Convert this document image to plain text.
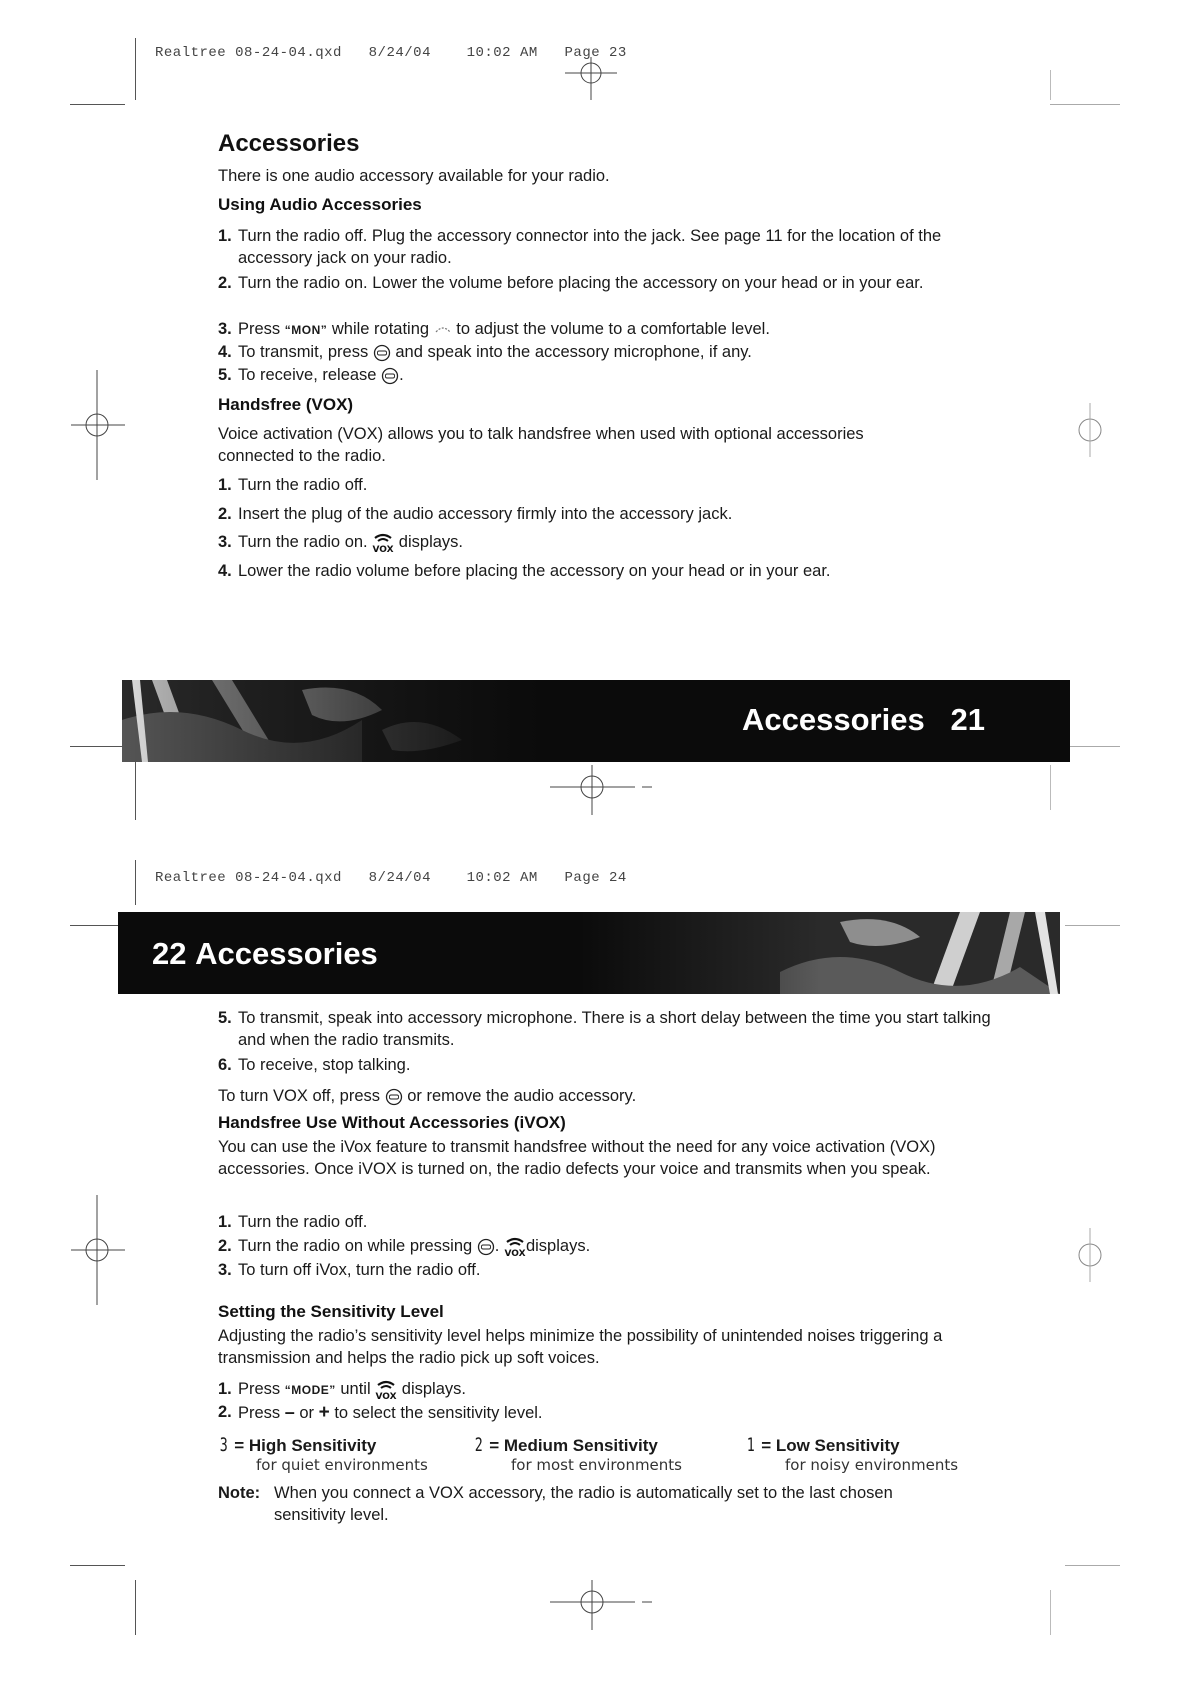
Realtree 08-24-04.qxd 8/24/04	10:02 AM Page 23
Accessories
There is one audio accessory available for your radio.
Using Audio Accessories
1. Turn the radio off. Plug the accessory connector into the jack. See page 11 for the location of the accessory jack on your radio.
2. Turn the radio on. Lower the volume before placing the accessory on your head or in your ear.
3. Press “MON” while rotating  to adjust the volume to a comfortable level.
4. To transmit, press  and speak into the accessory microphone, if any.
5. To receive, release .
Handsfree (VOX)
Voice activation (VOX) allows you to talk handsfree when used with optional accessories connected to the radio.
1. Turn the radio off.
2. Insert the plug of the audio accessory firmly into the accessory jack.
3. Turn the radio on. VOX displays.
4. Lower the radio volume before placing the accessory on your head or in your ear.
Accessories 21
Realtree 08-24-04.qxd 8/24/04	10:02 AM Page 24
22 Accessories
5. To transmit, speak into accessory microphone. There is a short delay between the time you start talking and when the radio transmits.
6. To receive, stop talking.
To turn VOX off, press  or remove the audio accessory.
Handsfree Use Without Accessories (iVOX)
You can use the iVox feature to transmit handsfree without the need for any voice activation (VOX) accessories. Once iVOX is turned on, the radio defects your voice and transmits when you speak.
1. Turn the radio off.
2. Turn the radio on while pressing . VOX displays.
3. To turn off iVox, turn the radio off.
Setting the Sensitivity Level
Adjusting the radio’s sensitivity level helps minimize the possibility of unintended noises triggering a transmission and helps the radio pick up soft voices.
1. Press “MODE” until VOX displays.
2. Press – or + to select the sensitivity level.
3 = High Sensitivity
for quiet environments
2 = Medium Sensitivity
for most environments
1 = Low Sensitivity
for noisy environments
Note: When you connect a VOX accessory, the radio is automatically set to the last chosen sensitivity level.
